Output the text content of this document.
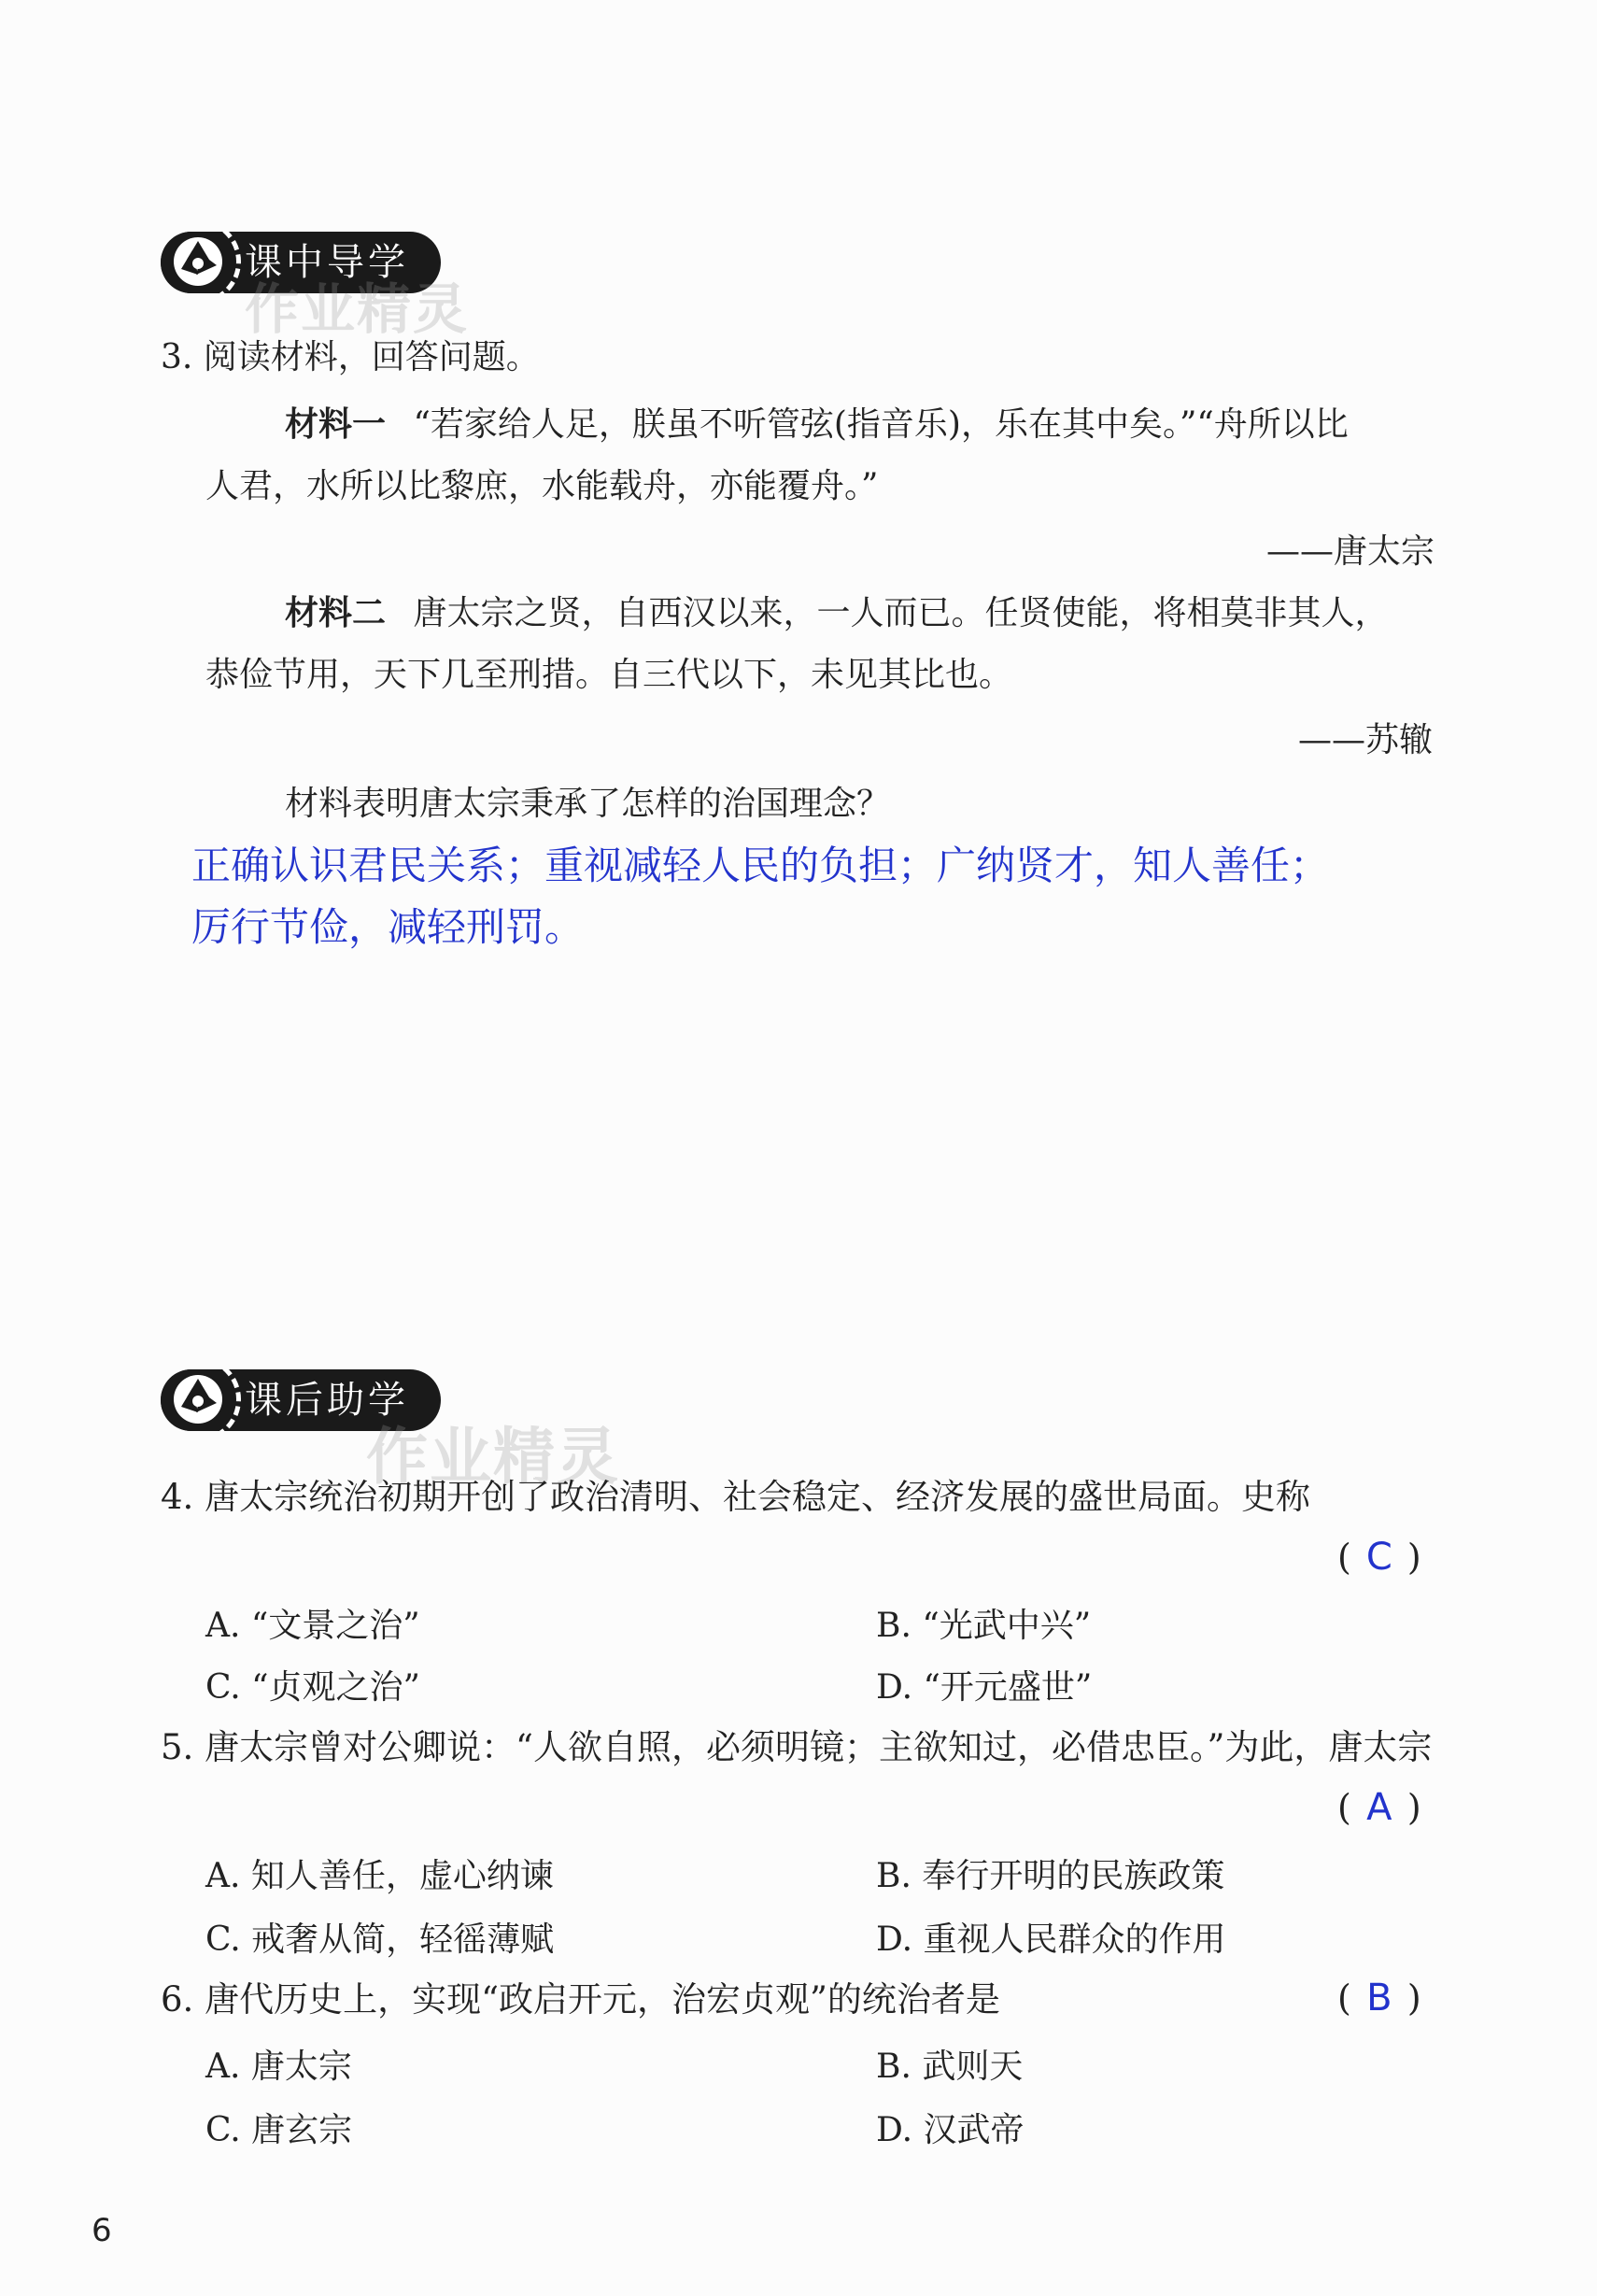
课中导学
作业精灵
3. 阅读材料，回答问题。
材料一 “若家给人足，朕虽不听管弦(指音乐)，乐在其中矣。”“舟所以比
人君，水所以比黎庶，水能载舟，亦能覆舟。”
——唐太宗
材料二 唐太宗之贤，自西汉以来，一人而已。任贤使能，将相莫非其人，
恭俭节用，天下几至刑措。自三代以下，未见其比也。
——苏辙
材料表明唐太宗秉承了怎样的治国理念？
正确认识君民关系；重视减轻人民的负担；广纳贤才，知人善任；
厉行节俭，减轻刑罚。
课后助学
作业精灵
4. 唐太宗统治初期开创了政治清明、社会稳定、经济发展的盛世局面。史称
( C )
A. “文景之治”	B. “光武中兴”
C. “贞观之治”	D. “开元盛世”
5. 唐太宗曾对公卿说：“人欲自照，必须明镜；主欲知过，必借忠臣。”为此，唐太宗
( A )
A. 知人善任，虚心纳谏	B. 奉行开明的民族政策
C. 戒奢从简，轻徭薄赋	D. 重视人民群众的作用
6. 唐代历史上，实现“政启开元，治宏贞观”的统治者是	( B )
A. 唐太宗	B. 武则天
C. 唐玄宗	D. 汉武帝
6
